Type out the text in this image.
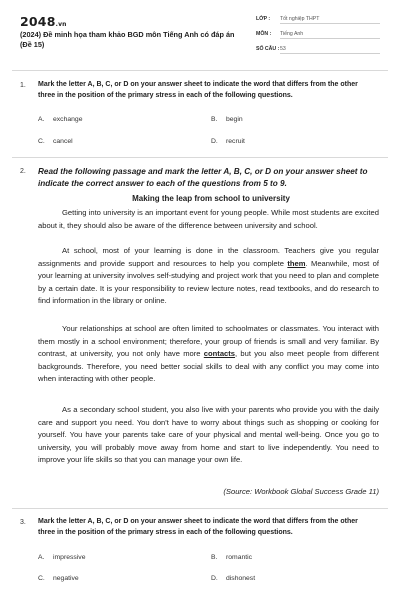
2048.vn
(2024) Đề minh họa tham khảo BGD môn Tiếng Anh có đáp án (Đề 15)
LỚP : Tốt nghiệp THPT
MÔN : Tiếng Anh
SỐ CÂU : 53
1. Mark the letter A, B, C, or D on your answer sheet to indicate the word that differs from the other three in the position of the primary stress in each of the following questions.
A. exchange	B. begin
C. cancel	D. recruit
2. Read the following passage and mark the letter A, B, C, or D on your answer sheet to indicate the correct answer to each of the questions from 5 to 9.
Making the leap from school to university
Getting into university is an important event for young people. While most students are excited about it, they should also be aware of the difference between university and school.
At school, most of your learning is done in the classroom. Teachers give you regular assignments and provide support and resources to help you complete them. Meanwhile, most of your learning at university involves self-studying and project work that you need to plan and complete by a certain date. It is your responsibility to review lecture notes, read textbooks, and do research to find information in the library or online.
Your relationships at school are often limited to schoolmates or classmates. You interact with them mostly in a school environment; therefore, your group of friends is small and very familiar. By contrast, at university, you not only have more contacts, but you also meet people from different backgrounds. Therefore, you need better social skills to deal with any conflict you may come into when interacting with other people.
As a secondary school student, you also live with your parents who provide you with the daily care and support you need. You don't have to worry about things such as shopping or cooking for yourself. You have your parents take care of your physical and mental well-being. Once you go to university, you will probably move away from home and start to live independently. You need to improve your life skills so that you can manage your own life.
(Source: Workbook Global Success Grade 11)
3. Mark the letter A, B, C, or D on your answer sheet to indicate the word that differs from the other three in the position of the primary stress in each of the following questions.
A. impressive	B. romantic
C. negative	D. dishonest
